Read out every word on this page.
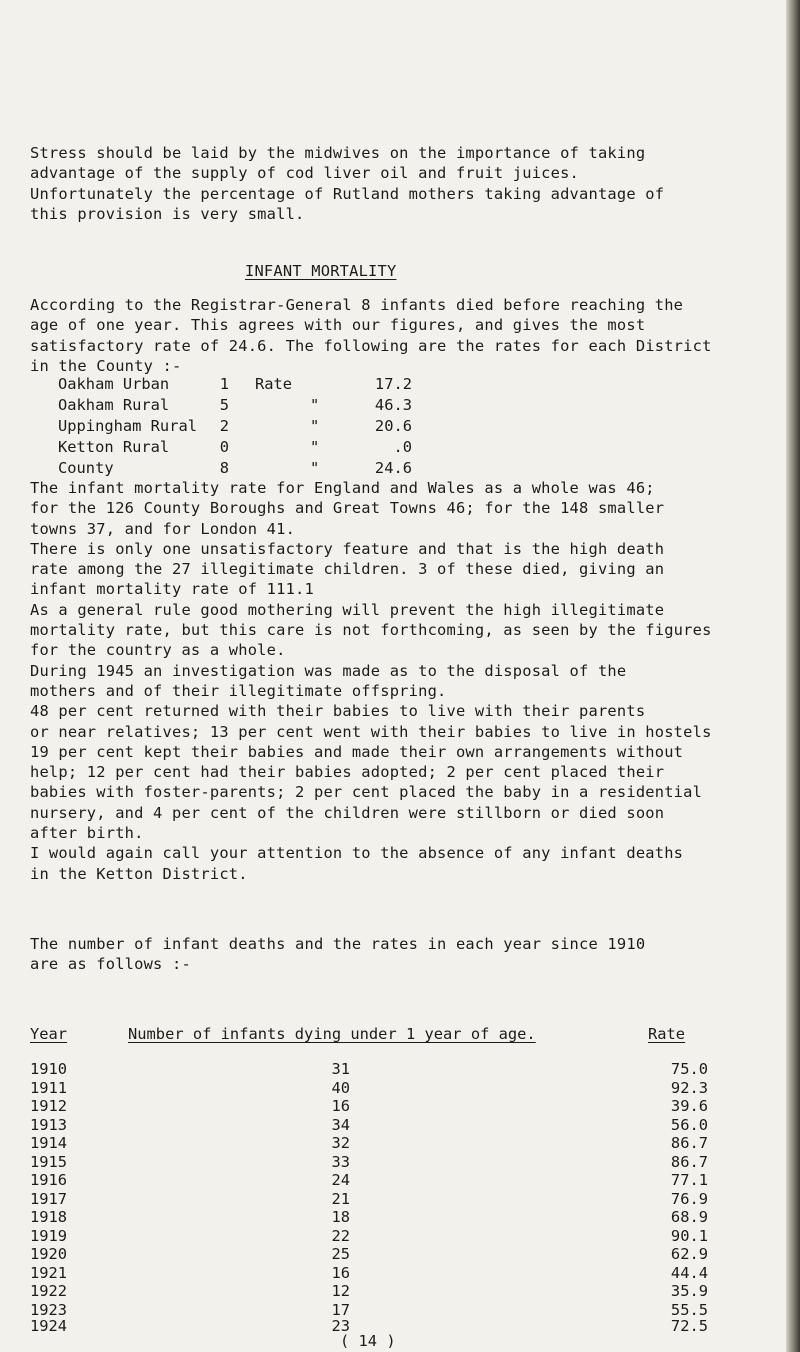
Stress should be laid by the midwives on the importance of taking
advantage of the supply of cod liver oil and fruit juices.
Unfortunately the percentage of Rutland mothers taking advantage of
this provision is very small.
INFANT MORTALITY
According to the Registrar-General 8 infants died before reaching the
age of one year. This agrees with our figures, and gives the most
satisfactory rate of 24.6. The following are the rates for each District
in the County :-
Oakham Urban	1 Rate	17.2
Oakham Rural	5	"	46.3
Uppingham Rural	2	"	20.6
Ketton Rural	0	"	.0
County	8	"	24.6
The infant mortality rate for England and Wales as a whole was 46;
for the 126 County Boroughs and Great Towns 46; for the 148 smaller
towns 37, and for London 41.
There is only one unsatisfactory feature and that is the high death
rate among the 27 illegitimate children. 3 of these died, giving an
infant mortality rate of 111.1
As a general rule good mothering will prevent the high illegitimate
mortality rate, but this care is not forthcoming, as seen by the figures
for the country as a whole.
During 1945 an investigation was made as to the disposal of the
mothers and of their illegitimate offspring.
48 per cent returned with their babies to live with their parents
or near relatives; 13 per cent went with their babies to live in hostels
19 per cent kept their babies and made their own arrangements without
help; 12 per cent had their babies adopted; 2 per cent placed their
babies with foster-parents; 2 per cent placed the baby in a residential
nursery, and 4 per cent of the children were stillborn or died soon
after birth.
I would again call your attention to the absence of any infant deaths
in the Ketton District.
The number of infant deaths and the rates in each year since 1910
are as follows :-
Year	Number of infants dying under 1 year of age.	Rate
1910	31	75.0
1911	40	92.3
1912	16	39.6
1913	34	56.0
1914	32	86.7
1915	33	86.7
1916	24	77.1
1917	21	76.9
1918	18	68.9
1919	22	90.1
1920	25	62.9
1921	16	44.4
1922	12	35.9
1923	17	55.5
1924	23	72.5
( 14 )
